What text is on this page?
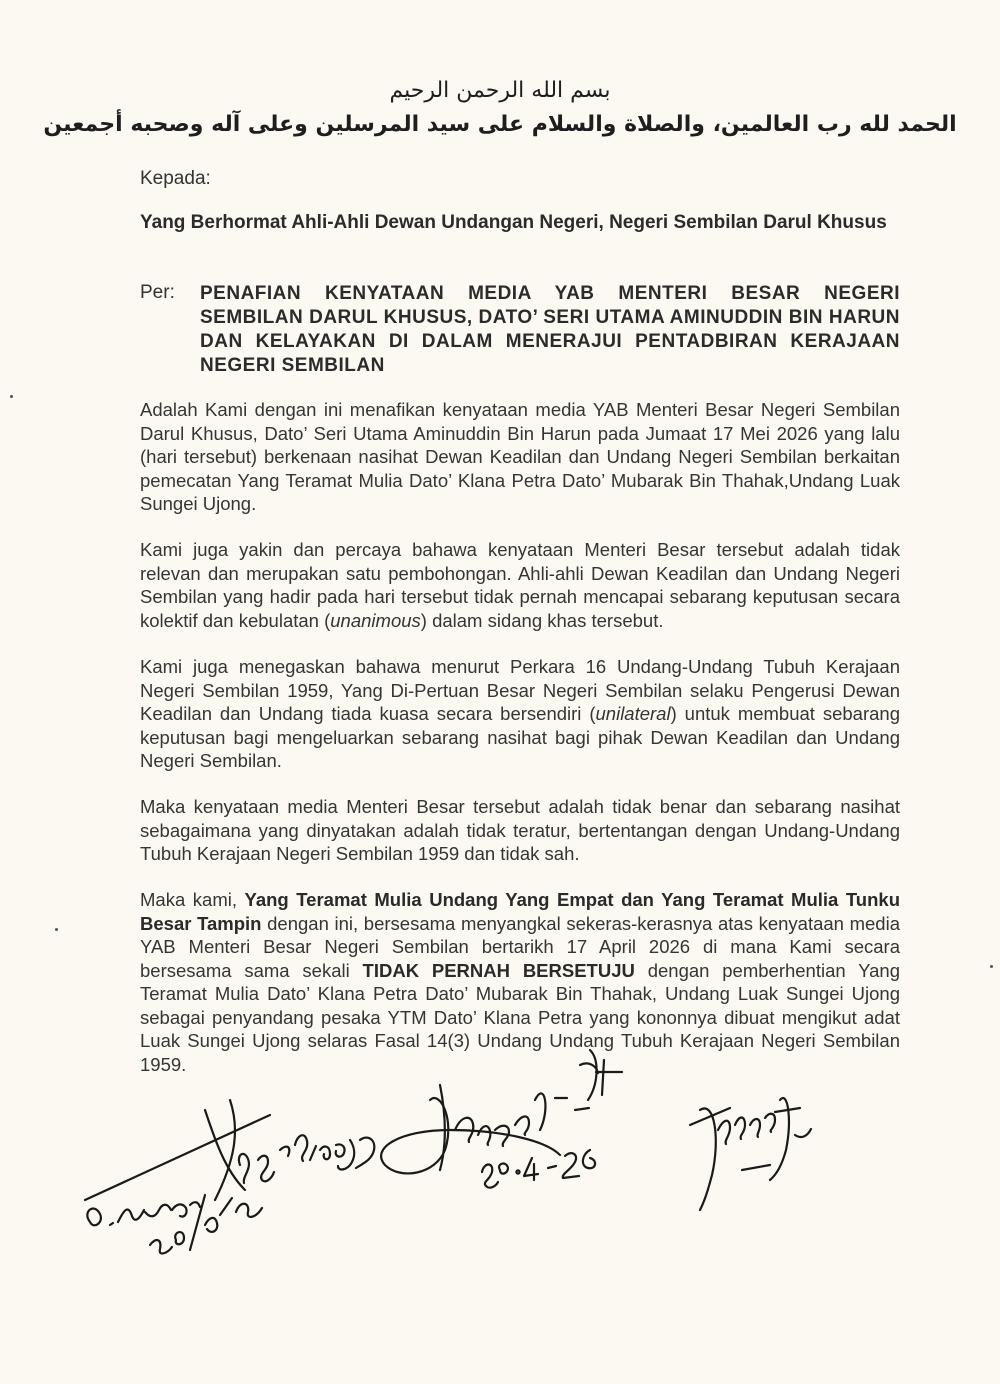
بسم الله الرحمن الرحيم
الحمد لله رب العالمين، والصلاة والسلام على سيد المرسلين وعلى آله وصحبه أجمعين
Kepada:
Yang Berhormat Ahli-Ahli Dewan Undangan Negeri, Negeri Sembilan Darul Khusus
Per: PENAFIAN KENYATAAN MEDIA YAB MENTERI BESAR NEGERI SEMBILAN DARUL KHUSUS, DATO’ SERI UTAMA AMINUDDIN BIN HARUN DAN KELAYAKAN DI DALAM MENERAJUI PENTADBIRAN KERAJAAN NEGERI SEMBILAN
Adalah Kami dengan ini menafikan kenyataan media YAB Menteri Besar Negeri Sembilan Darul Khusus, Dato’ Seri Utama Aminuddin Bin Harun pada Jumaat 17 Mei 2026 yang lalu (hari tersebut) berkenaan nasihat Dewan Keadilan dan Undang Negeri Sembilan berkaitan pemecatan Yang Teramat Mulia Dato’ Klana Petra Dato’ Mubarak Bin Thahak,Undang Luak Sungei Ujong.
Kami juga yakin dan percaya bahawa kenyataan Menteri Besar tersebut adalah tidak relevan dan merupakan satu pembohongan. Ahli-ahli Dewan Keadilan dan Undang Negeri Sembilan yang hadir pada hari tersebut tidak pernah mencapai sebarang keputusan secara kolektif dan kebulatan (unanimous) dalam sidang khas tersebut.
Kami juga menegaskan bahawa menurut Perkara 16 Undang-Undang Tubuh Kerajaan Negeri Sembilan 1959, Yang Di-Pertuan Besar Negeri Sembilan selaku Pengerusi Dewan Keadilan dan Undang tiada kuasa secara bersendiri (unilateral) untuk membuat sebarang keputusan bagi mengeluarkan sebarang nasihat bagi pihak Dewan Keadilan dan Undang Negeri Sembilan.
Maka kenyataan media Menteri Besar tersebut adalah tidak benar dan sebarang nasihat sebagaimana yang dinyatakan adalah tidak teratur, bertentangan dengan Undang-Undang Tubuh Kerajaan Negeri Sembilan 1959 dan tidak sah.
Maka kami, Yang Teramat Mulia Undang Yang Empat dan Yang Teramat Mulia Tunku Besar Tampin dengan ini, bersesama menyangkal sekeras-kerasnya atas kenyataan media YAB Menteri Besar Negeri Sembilan bertarikh 17 April 2026 di mana Kami secara bersesama sama sekali TIDAK PERNAH BERSETUJU dengan pemberhentian Yang Teramat Mulia Dato’ Klana Petra Dato’ Mubarak Bin Thahak, Undang Luak Sungei Ujong sebagai penyandang pesaka YTM Dato’ Klana Petra yang kononnya dibuat mengikut adat Luak Sungei Ujong selaras Fasal 14(3) Undang Undang Tubuh Kerajaan Negeri Sembilan 1959.
